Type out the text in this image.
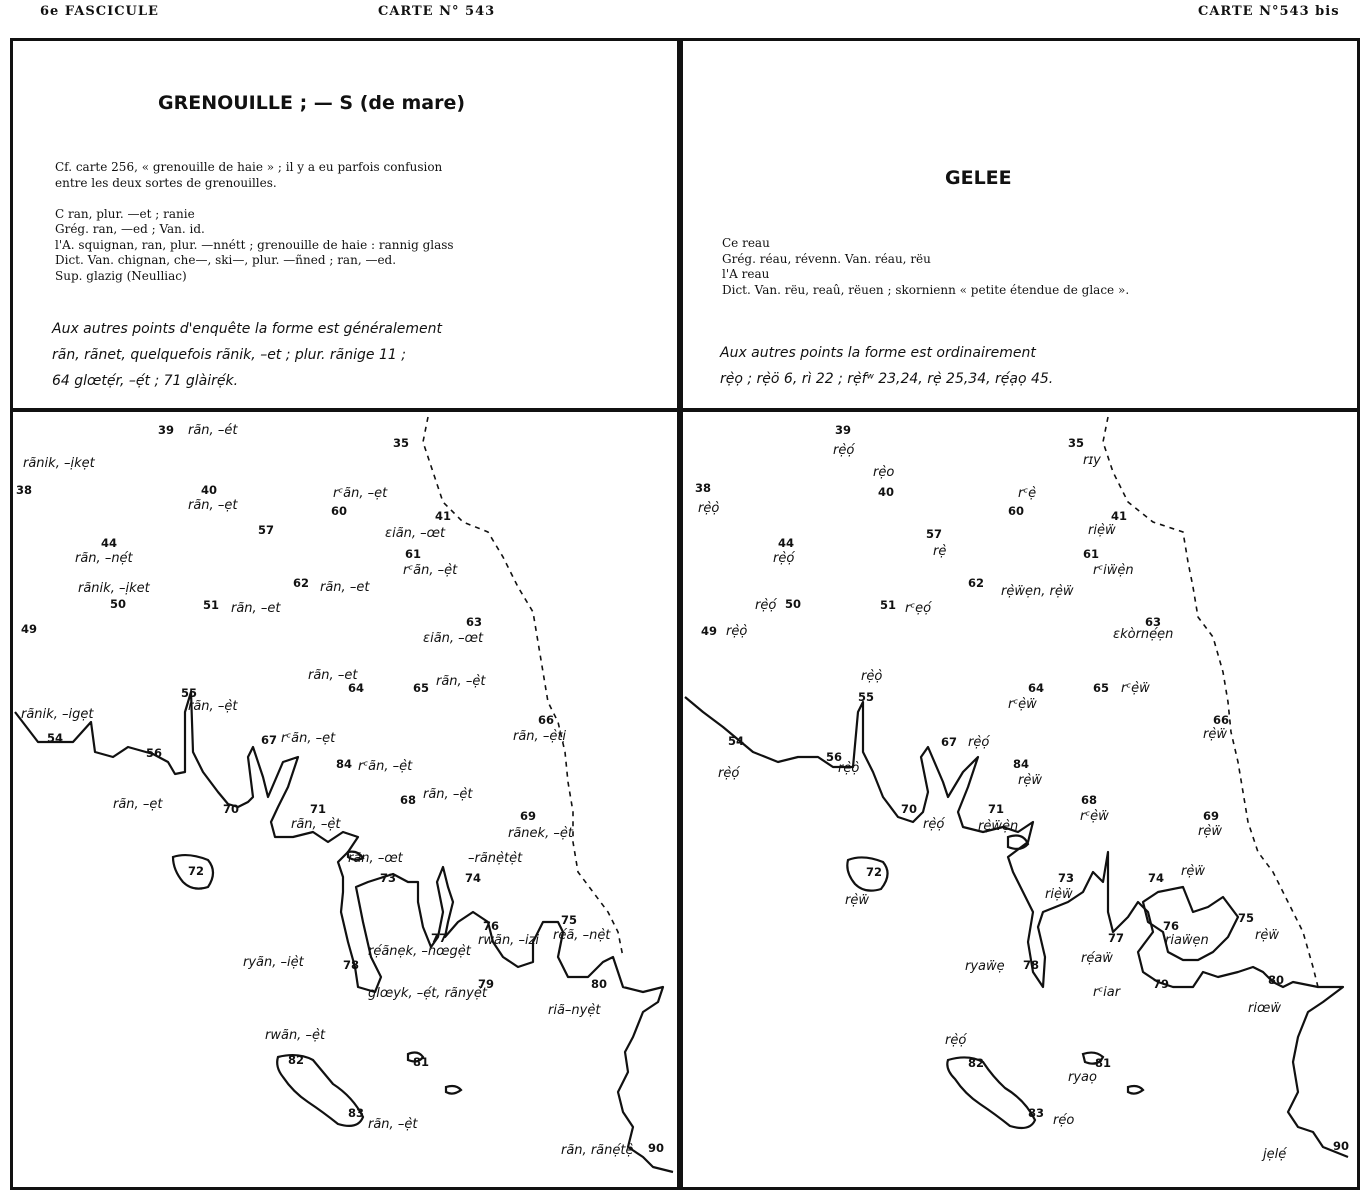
6e FASCICULE	CARTE N° 543	CARTE N°543 bis
GRENOUILLE ; — S (de mare)
Cf. carte 256, « grenouille de haie » ; il y a eu parfois confusion
entre les deux sortes de grenouilles.

C ran, plur. —et ; ranie
Grég. ran, —ed ; Van. id.
l'A. squignan, ran, plur. —nnétt ; grenouille de haie : rannig glass
Dict. Van. chignan, che—, ski—, plur. —ñned ; ran, —ed.
Sup. glazig (Neulliac)
Aux autres points d'enquête la forme est généralement
rãn, rãnet, quelquefois rãnik, –et ; plur. rãnige 11 ;
64 glœtẹ́r, –ẹ́t ; 71 glàirẹ́k.
GELEE
Ce reau
Grég. réau, révenn. Van. réau, rëu
l'A reau
Dict. Van. rëu, reaû, rëuen ; skornienn « petite étendue de glace ».
Aux autres points la forme est ordinairement
rẹ̀ọ ; rẹ̀ö 6, rì 22 ; rẹ̀fʷ 23,24, rẹ̀ 25,34, rẹ́ạọ 45.
39 rãn, –ét
35
38
rãnik, –ịkẹt
40
rãn, –ẹt	60
rᶜãn, –ẹt
41
ɛiãn, –œt
57
44
rãn, –nẹ́t	61
rᶜãn, –ẹ̀t
62 rãn, –et
50
rãnik, –ịket
51 rãn, –et
63
ɛiãn, –œt
49
64
rãn, –et
65 rãn, –ẹ̀t
55
rãn, –ẹ̀t
54
rãnik, –igẹt	66
rãn, –ẹ̀tị
67 rᶜãn, –ẹt
56
84 rᶜãn, –ẹ̀t
68 rãn, –ẹ̀t
70
rãn, –ẹt	71
rãn, –ẹ̀t
69
rãnek, –ẹ̀t
72	73
rãn, –œt
74
–rãnẹ̀tẹ̀t
76
rwãn, –izi
75
rẹ́ã, –nẹ̀t
77
rẹ́ãnẹk, –nœgẹ̀t
78
ryãn, –iẹ̀t
79
glœyk, –ẹ́t, rãnyẹ̀t
80
riã–nyẹ̀t
81
82
rwãn, –ẹ̀t
83
rãn, –ẹ̀t
90
rãn, rãnẹ́tẹ̀
39
rẹ̀ọ́	35
rɪy
40
rẹ̀o
38
rẹ̀ọ̀	60
rᶜẹ̀
41
riẹ̀ẅ
57
rẹ̀
44
rẹ̀ọ́	61
rᶜiẅẹ̀n
62
rẹ̀ẅẹn, rẹ̀ẅ
50
rẹ̀ọ́	51 rᶜẹọ́
63
ɛkòrnẹ́ẹn
49 rẹ̀ọ̀
55
rẹ̀ọ̀
64
rᶜẹ̀ẅ
65 rᶜẹ̀ẅ
66
rẹ̀ẅ
54
rẹ̀ọ́
56
rẹ̀ọ̀
67 rẹ̀ọ́
84
rẹ̀ẅ
68
rᶜẹ̀ẅ	69
rẹ̀ẅ
70
rẹ̀ọ́
71
rẹ̀ẅẹ̀n
72
rẹ̀ẅ
73
riẹ̀ẅ
74 rẹ̀ẅ
76
riaẅẹn
75
rẹ̀ẅ
77
rẹ́aẅ
78
ryaẅẹ
79
rᶜiar
80
riœẅ
82
rẹ̀ọ́
81
ryaọ
83 rẹ́o
90
jẹlẹ́
